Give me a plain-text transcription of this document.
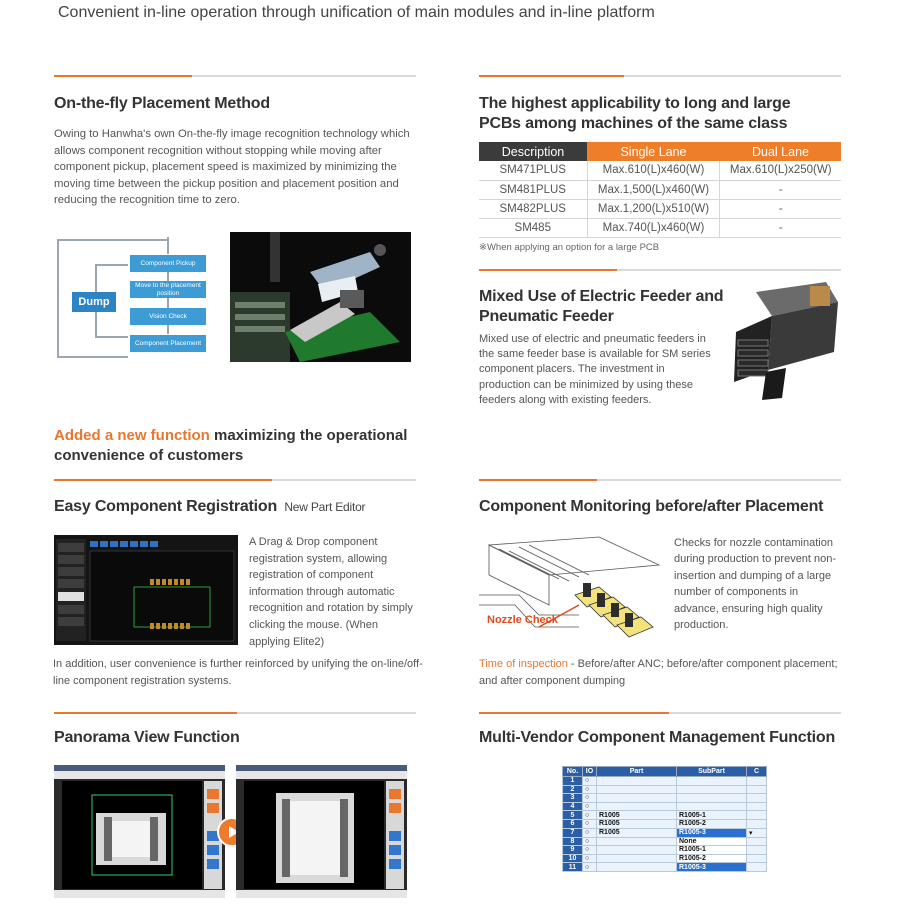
Convenient in-line operation through unification of main modules and in-line platform
On-the-fly Placement Method
Owing to Hanwha's own On-the-fly image recognition technology which allows component recognition without stopping while moving after component pickup, placement speed is maximized by minimizing the moving time between the pickup position and placement position and reducing the recognition time to zero.
Component Pickup
Move to the placement position
Vision Check
Component Placement
Dump
The highest applicability to long and large PCBs among machines of the same class
Description	Single Lane	Dual Lane
SM471PLUS	Max.610(L)x460(W)	Max.610(L)x250(W)
SM481PLUS	Max.1,500(L)x460(W)	-
SM482PLUS	Max.1,200(L)x510(W)	-
SM485	Max.740(L)x460(W)	-
※When applying an option for a large PCB
Mixed Use of Electric Feeder and Pneumatic Feeder
Mixed use of electric and pneumatic feeders in the same feeder base is available for SM series component placers. The investment in production can be minimized by using these feeders along with existing feeders.
Added a new function maximizing the operational convenience of customers
Easy Component Registration New Part Editor
A Drag & Drop component registration system, allowing registration of component information through automatic recognition and rotation by simply clicking the mouse. (When applying Elite2)
In addition, user convenience is further reinforced by unifying the on-line/off-line component registration systems.
Component Monitoring before/after Placement
Nozzle Check
Checks for nozzle contamination during production to prevent non-insertion and dumping of a large number of components in advance, ensuring high quality production.
Time of inspection - Before/after ANC; before/after component placement; and after component dumping
Panorama View Function	Multi-Vendor Component Management Function
No.	IO	Part	SubPart	C
1	○			
2	○			
3	○			
4	○			
5	○	R1005	R1005-1	
6	○	R1005	R1005-2	
7	○	R1005	R1005-3	▾
8	○		None	
9	○		R1005-1	
10	○		R1005-2	
11	○		R1005-3	
